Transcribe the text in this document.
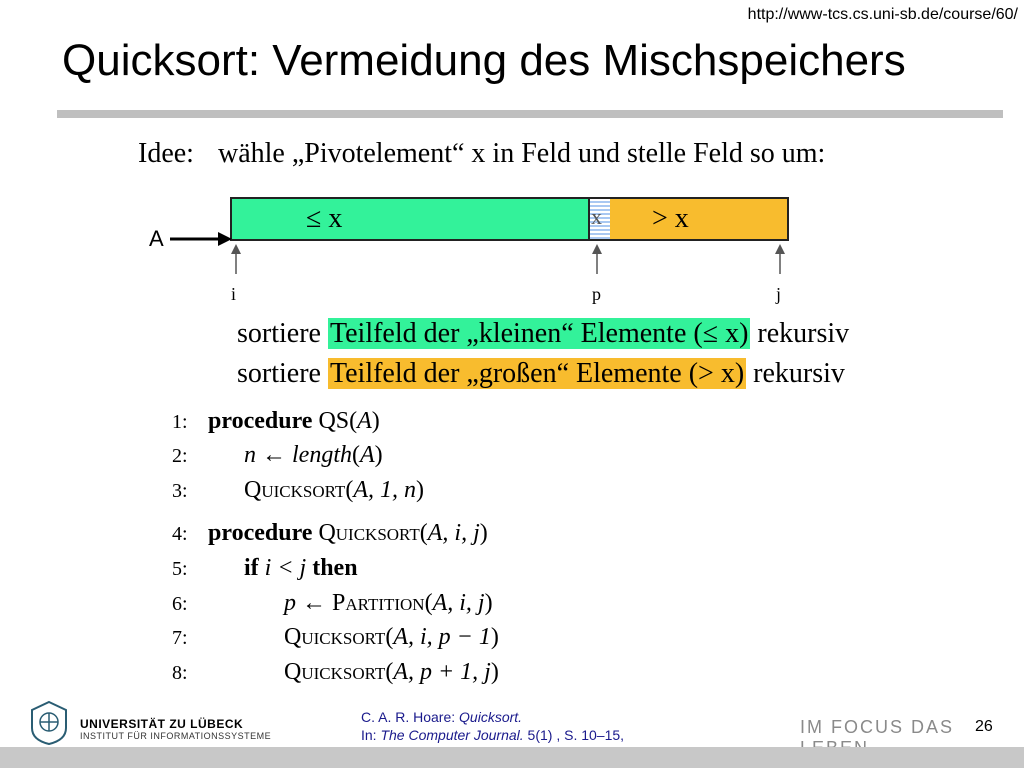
http://www-tcs.cs.uni-sb.de/course/60/
Quicksort: Vermeidung des Mischspeichers
Idee: wähle „Pivotelement“ x in Feld und stelle Feld so um:
≤ x	x > x
A
i	p	j
sortiere Teilfeld der „kleinen“ Elemente (≤ x) rekursiv
sortiere Teilfeld der „großen“ Elemente (> x) rekursiv
1: procedure QS(A)
2: n ← length(A)
3: Quicksort(A, 1, n)
4: procedure Quicksort(A, i, j)
5: if i < j then
6:	p ← Partition(A, i, j)
7:	Quicksort(A, i, p − 1)
8:	Quicksort(A, p + 1, j)
UNIVERSITÄT ZU LÜBECK
INSTITUT FÜR INFORMATIONSSYSTEME
C. A. R. Hoare: Quicksort.
In: The Computer Journal. 5(1) , S. 10–15,	IM FOCUS DAS	26
